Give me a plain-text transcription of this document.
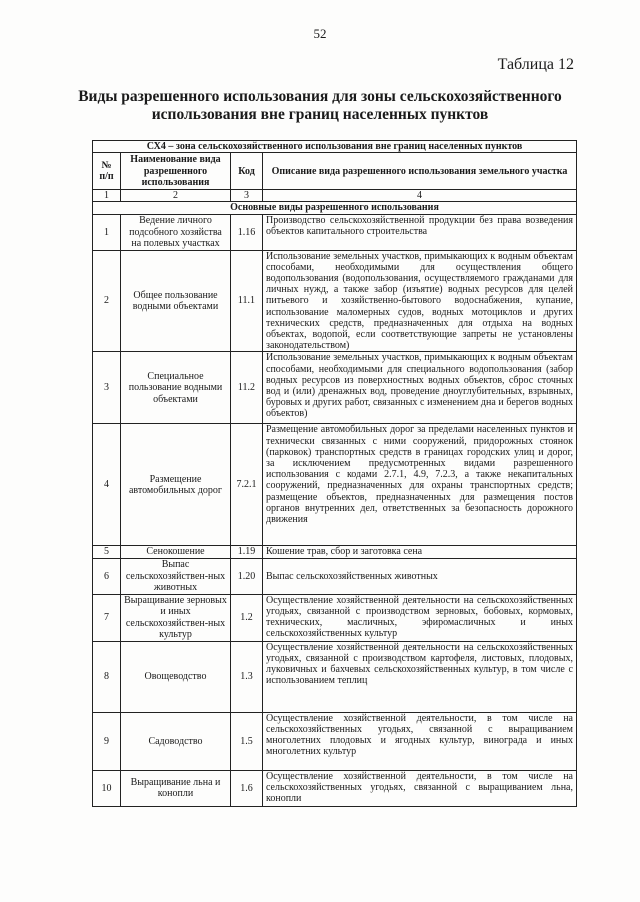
52
Таблица 12
Виды разрешенного использования для зоны сельскохозяйственного
использования вне границ населенных пунктов
СХ4 – зона сельскохозяйственного использования вне границ населенных пунктов			
№ п/п	Наименование вида разрешенного использования	Код	Описание вида разрешенного использования земельного участка
1	2	3	4
Основные виды разрешенного использования			
1	Ведение личного подсобного хозяйства на полевых участках	1.16	Производство сельскохозяйственной продукции без права возведения объектов капитального строительства
2	Общее пользование водными объектами	11.1	Использование земельных участков, примыкающих к водным объектам способами, необходимыми для осуществления общего водопользования (водопользования, осуществляемого гражданами для личных нужд, а также забор (изъятие) водных ресурсов для целей питьевого и хозяйственно-бытового водоснабжения, купание, использование маломерных судов, водных мотоциклов и других технических средств, предназначенных для отдыха на водных объектах, водопой, если соответствующие запреты не установлены законодательством)
3	Специальное пользование водными объектами	11.2	Использование земельных участков, примыкающих к водным объектам способами, необходимыми для специального водопользования (забор водных ресурсов из поверхностных водных объектов, сброс сточных вод и (или) дренажных вод, проведение дноуглубительных, взрывных, буровых и других работ, связанных с изменением дна и берегов водных объектов)
4	Размещение автомобильных дорог	7.2.1	Размещение автомобильных дорог за пределами населенных пунктов и технически связанных с ними сооружений, придорожных стоянок (парковок) транспортных средств в границах городских улиц и дорог, за исключением предусмотренных видами разрешенного использования с кодами 2.7.1, 4.9, 7.2.3, а также некапитальных сооружений, предназначенных для охраны транспортных средств; размещение объектов, предназначенных для размещения постов органов внутренних дел, ответственных за безопасность дорожного движения
5	Сенокошение	1.19	Кошение трав, сбор и заготовка сена
6	Выпас сельскохозяйствен-ных животных	1.20	Выпас сельскохозяйственных животных
7	Выращивание зерновых и иных сельскохозяйствен-ных культур	1.2	Осуществление хозяйственной деятельности на сельскохозяйственных угодьях, связанной с производством зерновых, бобовых, кормовых, технических, масличных, эфиромасличных и иных сельскохозяйственных культур
8	Овощеводство	1.3	Осуществление хозяйственной деятельности на сельскохозяйственных угодьях, связанной с производством картофеля, листовых, плодовых, луковичных и бахчевых сельскохозяйственных культур, в том числе с использованием теплиц
9	Садоводство	1.5	Осуществление хозяйственной деятельности, в том числе на сельскохозяйственных угодьях, связанной с выращиванием многолетних плодовых и ягодных культур, винограда и иных многолетних культур
10	Выращивание льна и конопли	1.6	Осуществление хозяйственной деятельности, в том числе на сельскохозяйственных угодьях, связанной с выращиванием льна, конопли
